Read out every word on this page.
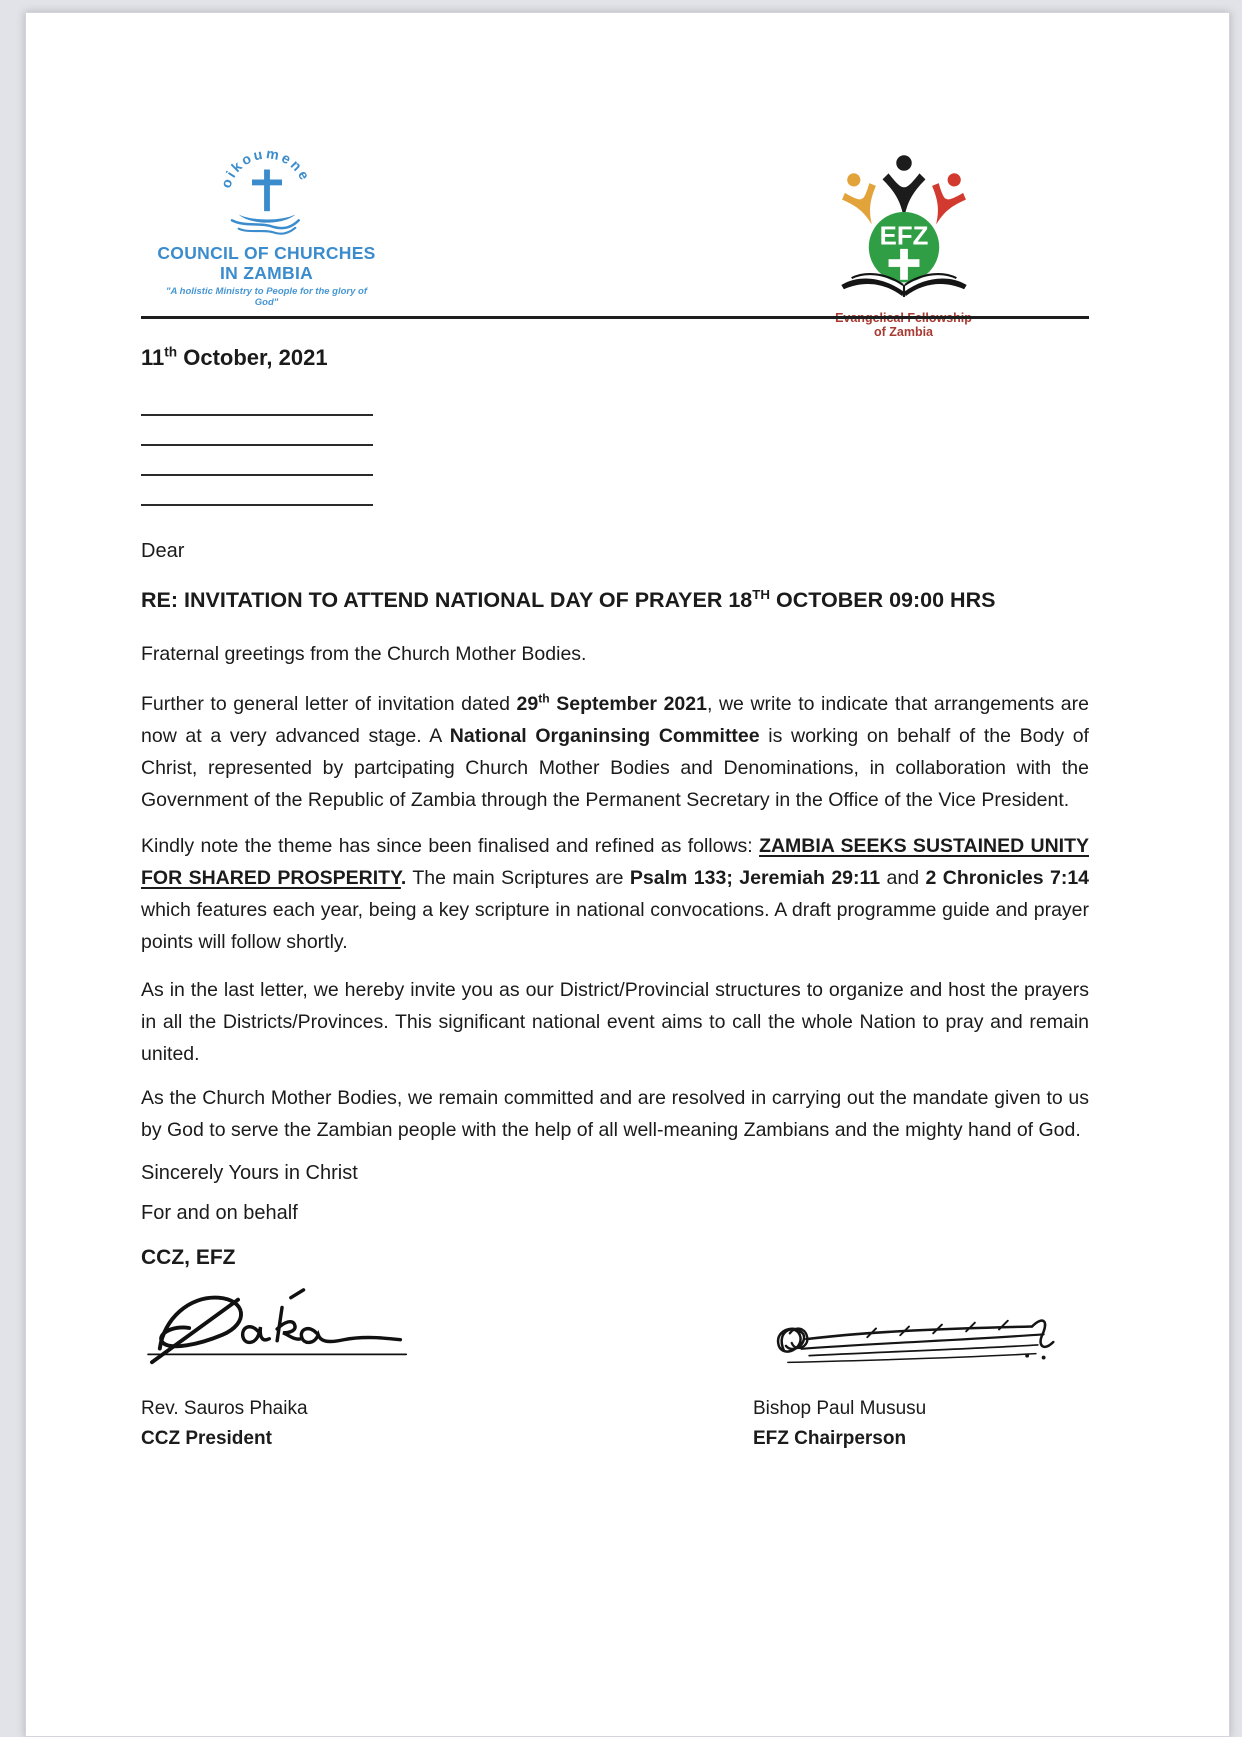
oikoumene
COUNCIL OF CHURCHES
IN ZAMBIA
"A holistic Ministry to People for the glory of God"
EFZ
Evangelical Fellowship
of Zambia
11th October, 2021
Dear
RE: INVITATION TO ATTEND NATIONAL DAY OF PRAYER 18TH OCTOBER 09:00 HRS

Fraternal greetings from the Church Mother Bodies.

Further to general letter of invitation dated 29th September 2021, we write to indicate that arrangements are now at a very advanced stage. A National Organinsing Committee is working on behalf of the Body of Christ, represented by partcipating Church Mother Bodies and Denominations, in collaboration with the Government of the Republic of Zambia through the Permanent Secretary in the Office of the Vice President.

Kindly note the theme has since been finalised and refined as follows: ZAMBIA SEEKS SUSTAINED UNITY FOR SHARED PROSPERITY. The main Scriptures are Psalm 133; Jeremiah 29:11 and 2 Chronicles 7:14 which features each year, being a key scripture in national convocations. A draft programme guide and prayer points will follow shortly.

As in the last letter, we hereby invite you as our District/Provincial structures to organize and host the prayers in all the Districts/Provinces. This significant national event aims to call the whole Nation to pray and remain united.

As the Church Mother Bodies, we remain committed and are resolved in carrying out the mandate given to us by God to serve the Zambian people with the help of all well-meaning Zambians and the mighty hand of God.

Sincerely Yours in Christ
For and on behalf
CCZ, EFZ
Rev. Sauros Phaika
CCZ President
Bishop Paul Mususu
EFZ Chairperson
